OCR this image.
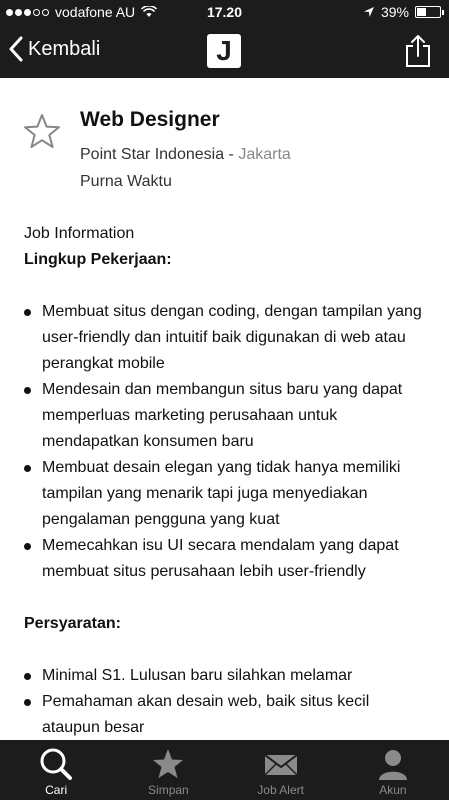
vodafone AU	17.20	39%
Kembali	J
Web Designer
Point Star Indonesia - Jakarta
Purna Waktu
Job Information
Lingkup Pekerjaan:
Membuat situs dengan coding, dengan tampilan yang user-friendly dan intuitif baik digunakan di web atau perangkat mobile
Mendesain dan membangun situs baru yang dapat memperluas marketing perusahaan untuk mendapatkan konsumen baru
Membuat desain elegan yang tidak hanya memiliki tampilan yang menarik tapi juga menyediakan pengalaman pengguna yang kuat
Memecahkan isu UI secara mendalam yang dapat membuat situs perusahaan lebih user-friendly
Persyaratan:
Minimal S1. Lulusan baru silahkan melamar
Pemahaman akan desain web, baik situs kecil ataupun besar
Cari	Simpan	Job Alert	Akun
